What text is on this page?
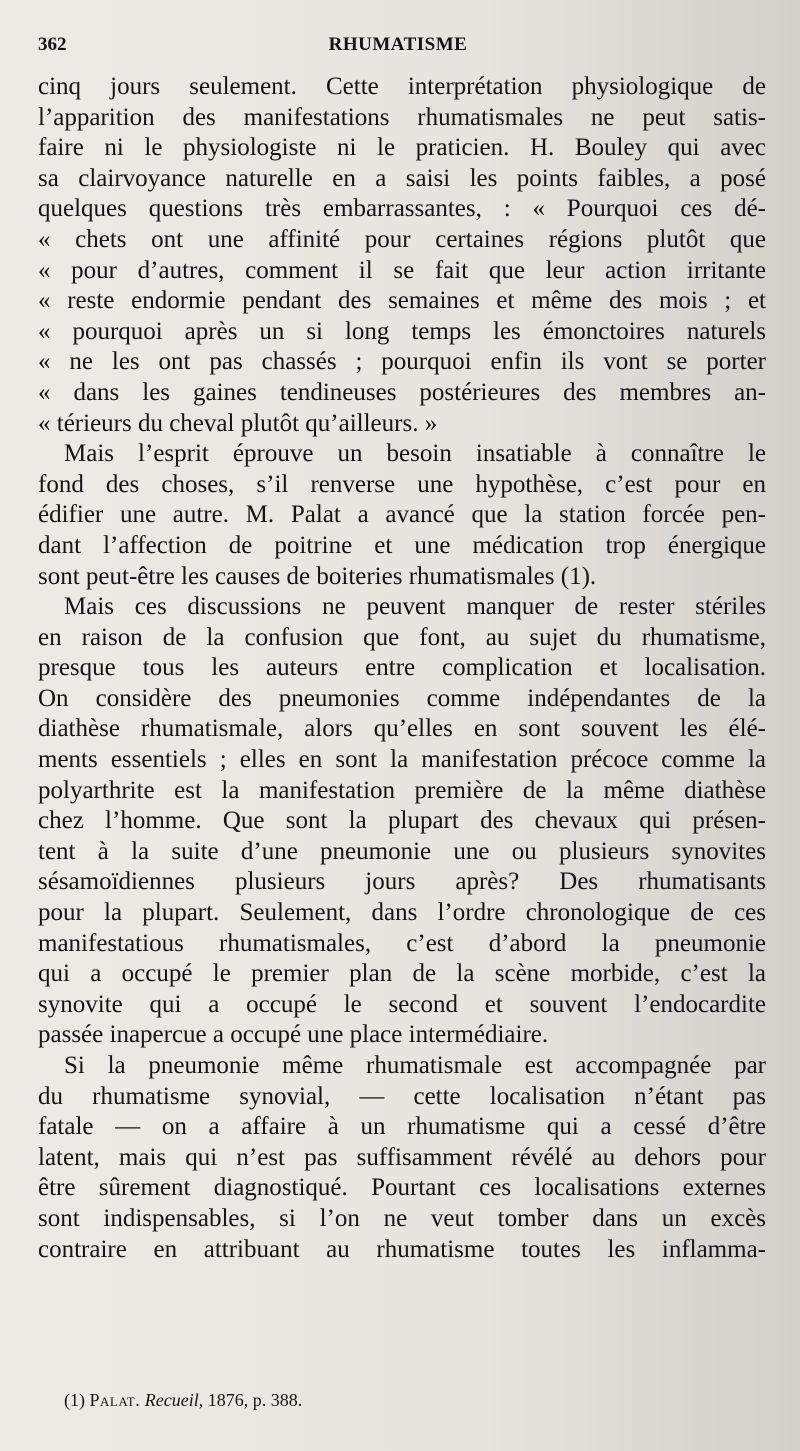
362	RHUMATISME
cinq jours seulement. Cette interprétation physiologique de
l’apparition des manifestations rhumatismales ne peut satis-
faire ni le physiologiste ni le praticien. H. Bouley qui avec
sa clairvoyance naturelle en a saisi les points faibles, a posé
quelques questions très embarrassantes, : « Pourquoi ces dé-
« chets ont une affinité pour certaines régions plutôt que
« pour d’autres, comment il se fait que leur action irritante
« reste endormie pendant des semaines et même des mois ; et
« pourquoi après un si long temps les émonctoires naturels
« ne les ont pas chassés ; pourquoi enfin ils vont se porter
« dans les gaines tendineuses postérieures des membres an-
« térieurs du cheval plutôt qu’ailleurs. »
Mais l’esprit éprouve un besoin insatiable à connaître le
fond des choses, s’il renverse une hypothèse, c’est pour en
édifier une autre. M. Palat a avancé que la station forcée pen-
dant l’affection de poitrine et une médication trop énergique
sont peut-être les causes de boiteries rhumatismales (1).
Mais ces discussions ne peuvent manquer de rester stériles
en raison de la confusion que font, au sujet du rhumatisme,
presque tous les auteurs entre complication et localisation.
On considère des pneumonies comme indépendantes de la
diathèse rhumatismale, alors qu’elles en sont souvent les élé-
ments essentiels ; elles en sont la manifestation précoce comme la
polyarthrite est la manifestation première de la même diathèse
chez l’homme. Que sont la plupart des chevaux qui présen-
tent à la suite d’une pneumonie une ou plusieurs synovites
sésamoïdiennes plusieurs jours après? Des rhumatisants
pour la plupart. Seulement, dans l’ordre chronologique de ces
manifestatious rhumatismales, c’est d’abord la pneumonie
qui a occupé le premier plan de la scène morbide, c’est la
synovite qui a occupé le second et souvent l’endocardite
passée inapercue a occupé une place intermédiaire.
Si la pneumonie même rhumatismale est accompagnée par
du rhumatisme synovial, — cette localisation n’étant pas
fatale — on a affaire à un rhumatisme qui a cessé d’être
latent, mais qui n’est pas suffisamment révélé au dehors pour
être sûrement diagnostiqué. Pourtant ces localisations externes
sont indispensables, si l’on ne veut tomber dans un excès
contraire en attribuant au rhumatisme toutes les inflamma-
(1) Palat. Recueil, 1876, p. 388.
